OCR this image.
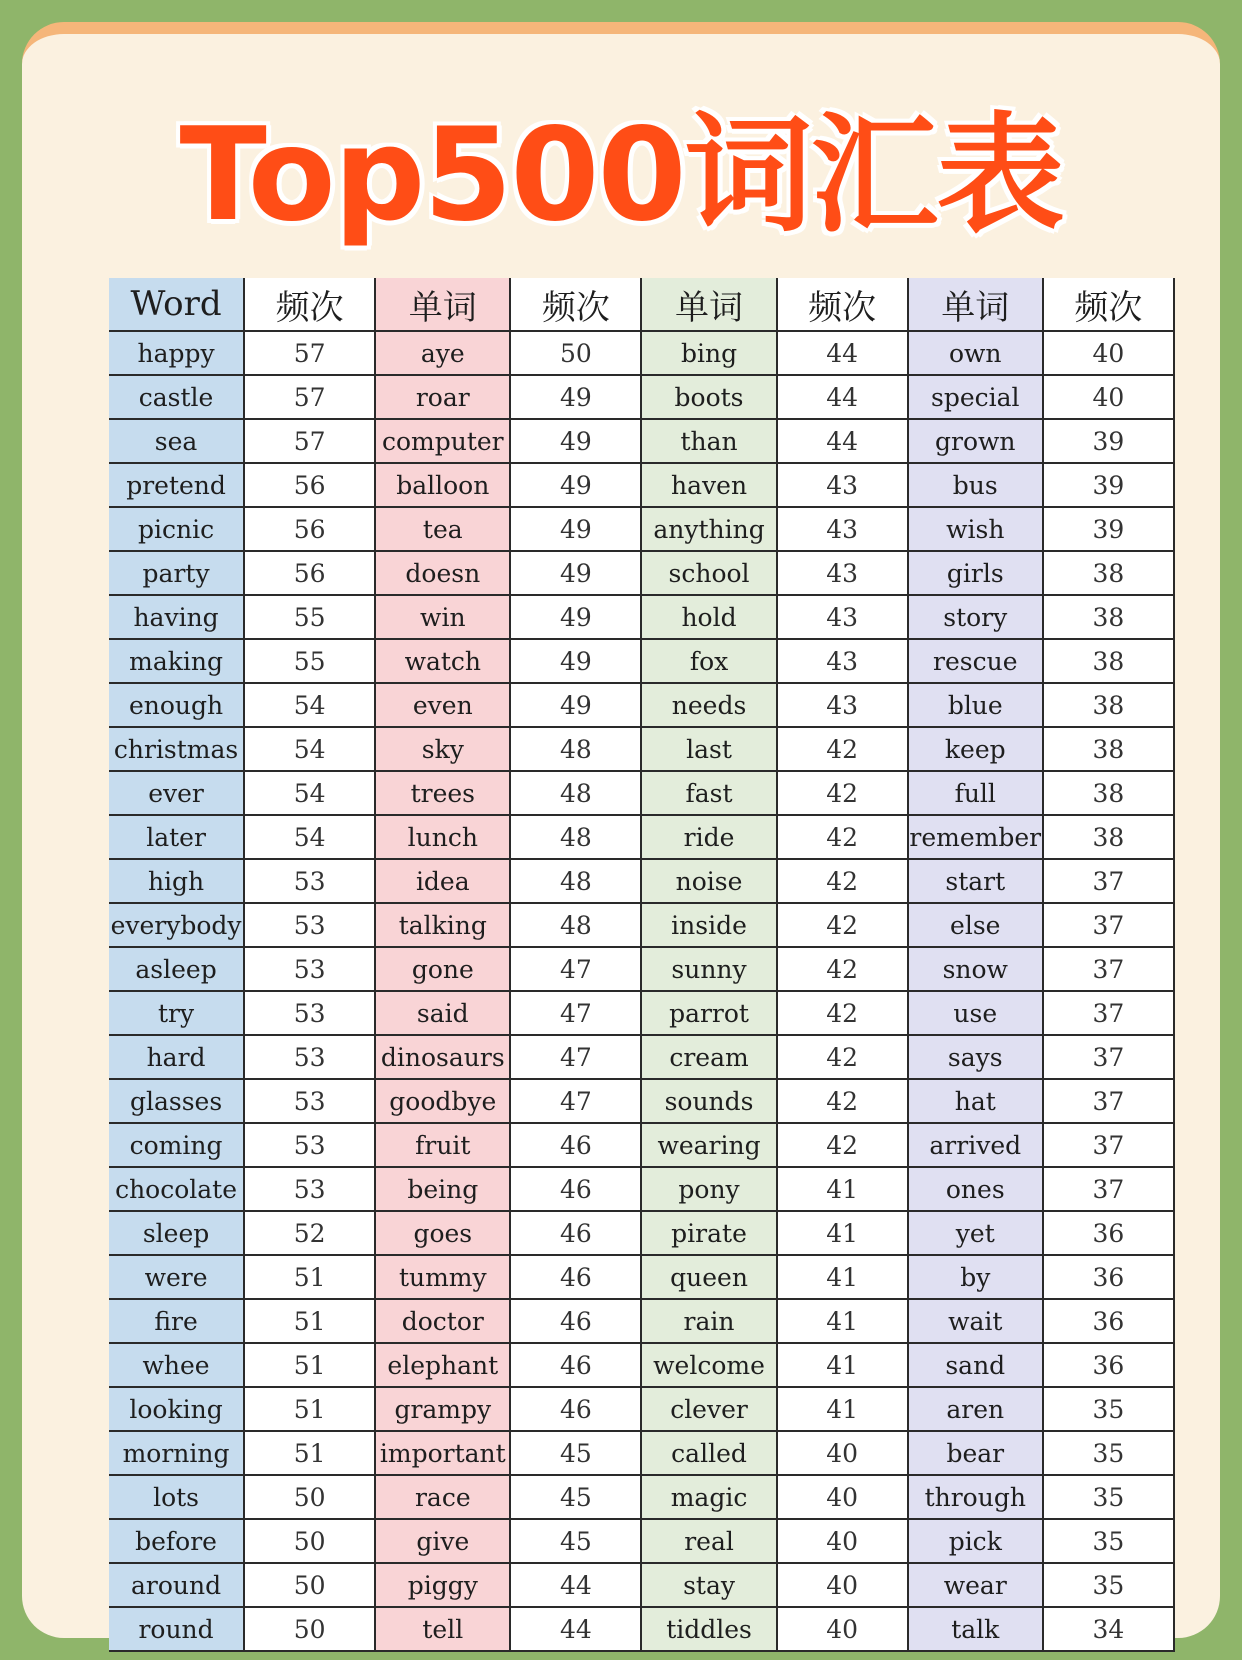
Top500词汇表
Word	频次	单词	频次	单词	频次	单词	频次
happy	57	aye	50	bing	44	own	40
castle	57	roar	49	boots	44	special	40
sea	57	computer	49	than	44	grown	39
pretend	56	balloon	49	haven	43	bus	39
picnic	56	tea	49	anything	43	wish	39
party	56	doesn	49	school	43	girls	38
having	55	win	49	hold	43	story	38
making	55	watch	49	fox	43	rescue	38
enough	54	even	49	needs	43	blue	38
christmas	54	sky	48	last	42	keep	38
ever	54	trees	48	fast	42	full	38
later	54	lunch	48	ride	42	remember	38
high	53	idea	48	noise	42	start	37
everybody	53	talking	48	inside	42	else	37
asleep	53	gone	47	sunny	42	snow	37
try	53	said	47	parrot	42	use	37
hard	53	dinosaurs	47	cream	42	says	37
glasses	53	goodbye	47	sounds	42	hat	37
coming	53	fruit	46	wearing	42	arrived	37
chocolate	53	being	46	pony	41	ones	37
sleep	52	goes	46	pirate	41	yet	36
were	51	tummy	46	queen	41	by	36
fire	51	doctor	46	rain	41	wait	36
whee	51	elephant	46	welcome	41	sand	36
looking	51	grampy	46	clever	41	aren	35
morning	51	important	45	called	40	bear	35
lots	50	race	45	magic	40	through	35
before	50	give	45	real	40	pick	35
around	50	piggy	44	stay	40	wear	35
round	50	tell	44	tiddles	40	talk	34
